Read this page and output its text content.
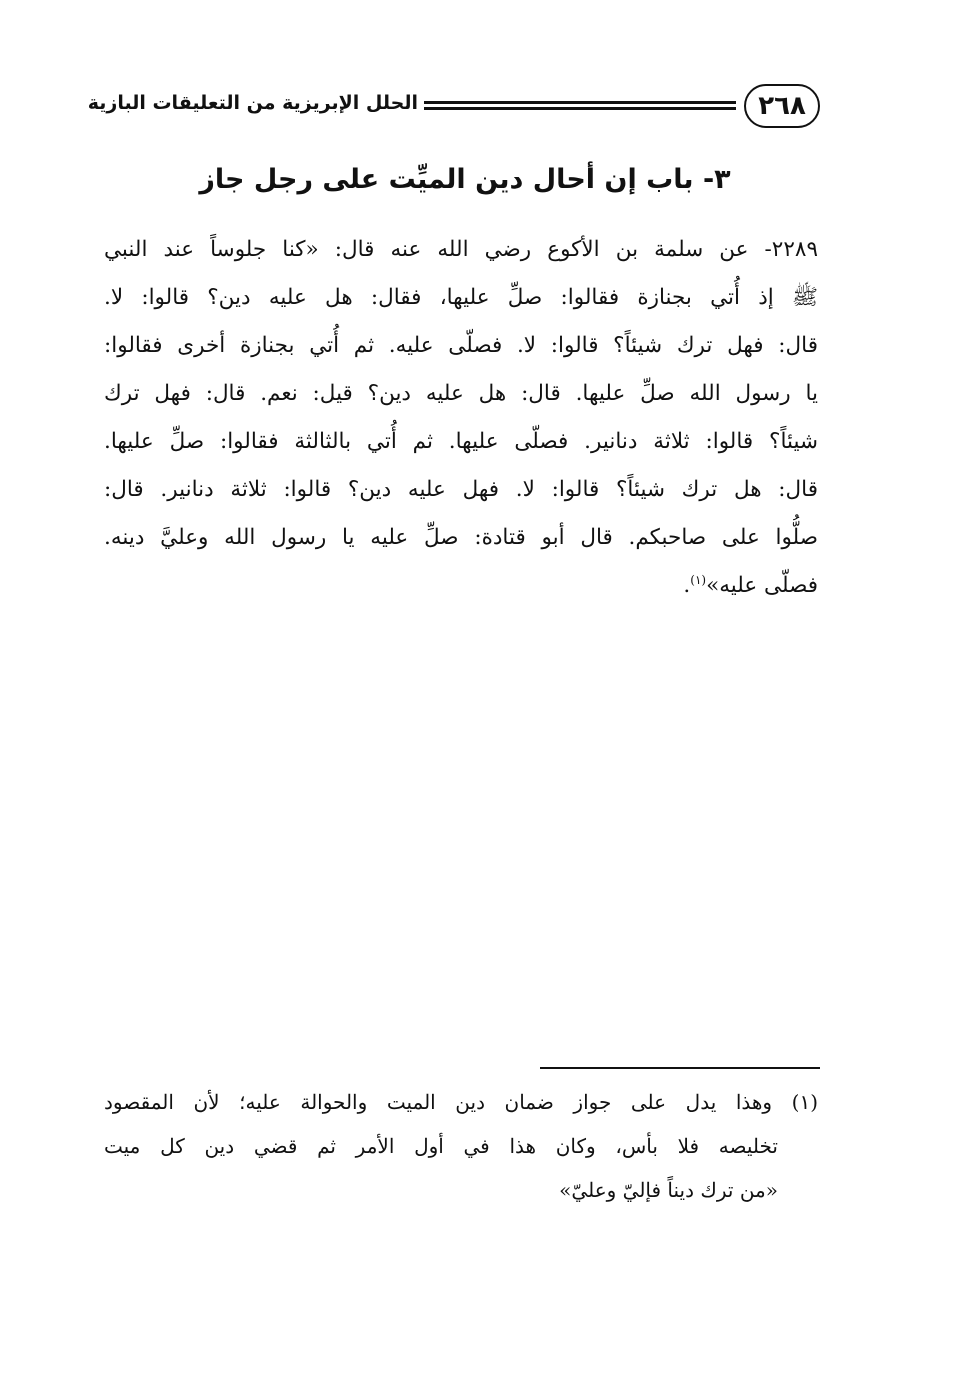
٢٦٨
الحلل الإبريزية من التعليقات البازية
٣- باب إن أحال دين الميِّت على رجل جاز
٢٢٨٩- عن سلمة بن الأكوع رضي الله عنه قال: «كنا جلوساً عند النبي
ﷺ إذ أُتي بجنازة فقالوا: صلِّ عليها، فقال: هل عليه دين؟ قالوا: لا.
قال: فهل ترك شيئاً؟ قالوا: لا. فصلّى عليه. ثم أُتي بجنازة أخرى فقالوا:
يا رسول الله صلِّ عليها. قال: هل عليه دين؟ قيل: نعم. قال: فهل ترك
شيئاً؟ قالوا: ثلاثة دنانير. فصلّى عليها. ثم أُتي بالثالثة فقالوا: صلِّ عليها.
قال: هل ترك شيئاً؟ قالوا: لا. فهل عليه دين؟ قالوا: ثلاثة دنانير. قال:
صلُّوا على صاحبكم. قال أبو قتادة: صلِّ عليه يا رسول الله وعليَّ دينه.
فصلّى عليه»$^{(١)}$.
(١) وهذا يدل على جواز ضمان دين الميت والحوالة عليه؛ لأن المقصود
تخليصه فلا بأس، وكان هذا في أول الأمر ثم قضي دين كل ميت
«من ترك ديناً فإليّ وعليّ»
